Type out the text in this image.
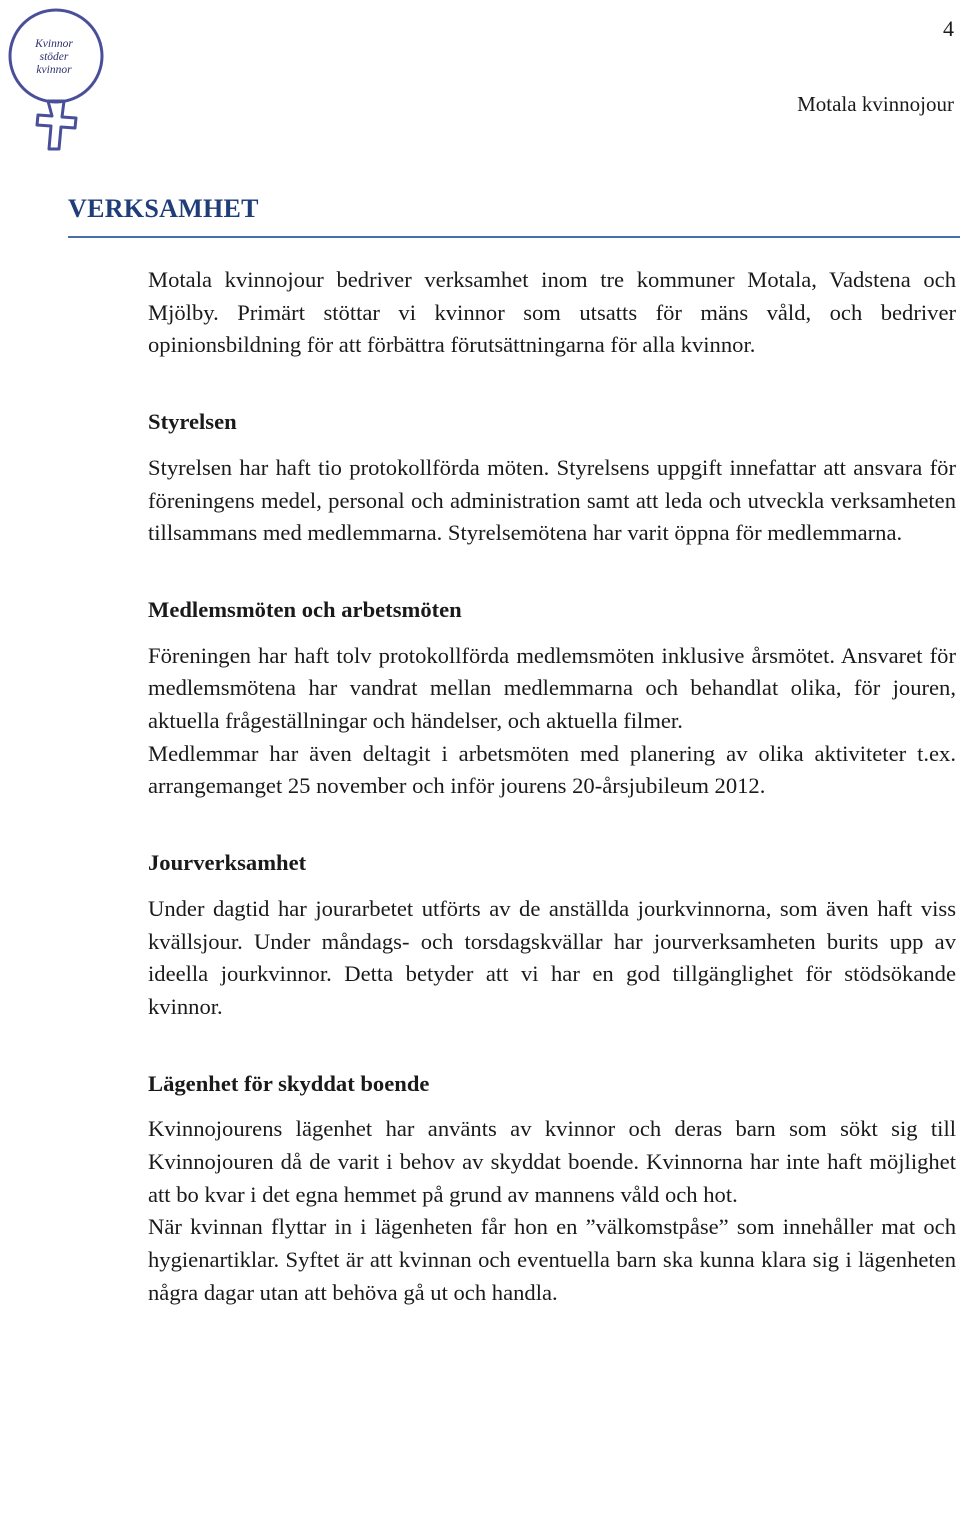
Kvinnor
stöder
kvinnor
4
Motala kvinnojour
VERKSAMHET

Motala kvinnojour bedriver verksamhet inom tre kommuner Motala, Vadstena och Mjölby. Primärt stöttar vi kvinnor som utsatts för mäns våld, och bedriver opinionsbildning för att förbättra förutsättningarna för alla kvinnor.

Styrelsen

Styrelsen har haft tio protokollförda möten. Styrelsens uppgift innefattar att ansvara för föreningens medel, personal och administration samt att leda och utveckla verksamheten tillsammans med medlemmarna. Styrelsemötena har varit öppna för medlemmarna.

Medlemsmöten och arbetsmöten

Föreningen har haft tolv protokollförda medlemsmöten inklusive årsmötet. Ansvaret för medlemsmötena har vandrat mellan medlemmarna och behandlat olika, för jouren, aktuella frågeställningar och händelser, och aktuella filmer.

Medlemmar har även deltagit i arbetsmöten med planering av olika aktiviteter t.ex. arrangemanget 25 november och inför jourens 20-årsjubileum 2012.

Jourverksamhet

Under dagtid har jourarbetet utförts av de anställda jourkvinnorna, som även haft viss kvällsjour. Under måndags- och torsdagskvällar har jourverksamheten burits upp av ideella jourkvinnor. Detta betyder att vi har en god tillgänglighet för stödsökande kvinnor.

Lägenhet för skyddat boende

Kvinnojourens lägenhet har använts av kvinnor och deras barn som sökt sig till Kvinnojouren då de varit i behov av skyddat boende. Kvinnorna har inte haft möjlighet att bo kvar i det egna hemmet på grund av mannens våld och hot.

När kvinnan flyttar in i lägenheten får hon en ”välkomstpåse” som innehåller mat och hygienartiklar. Syftet är att kvinnan och eventuella barn ska kunna klara sig i lägenheten några dagar utan att behöva gå ut och handla.
